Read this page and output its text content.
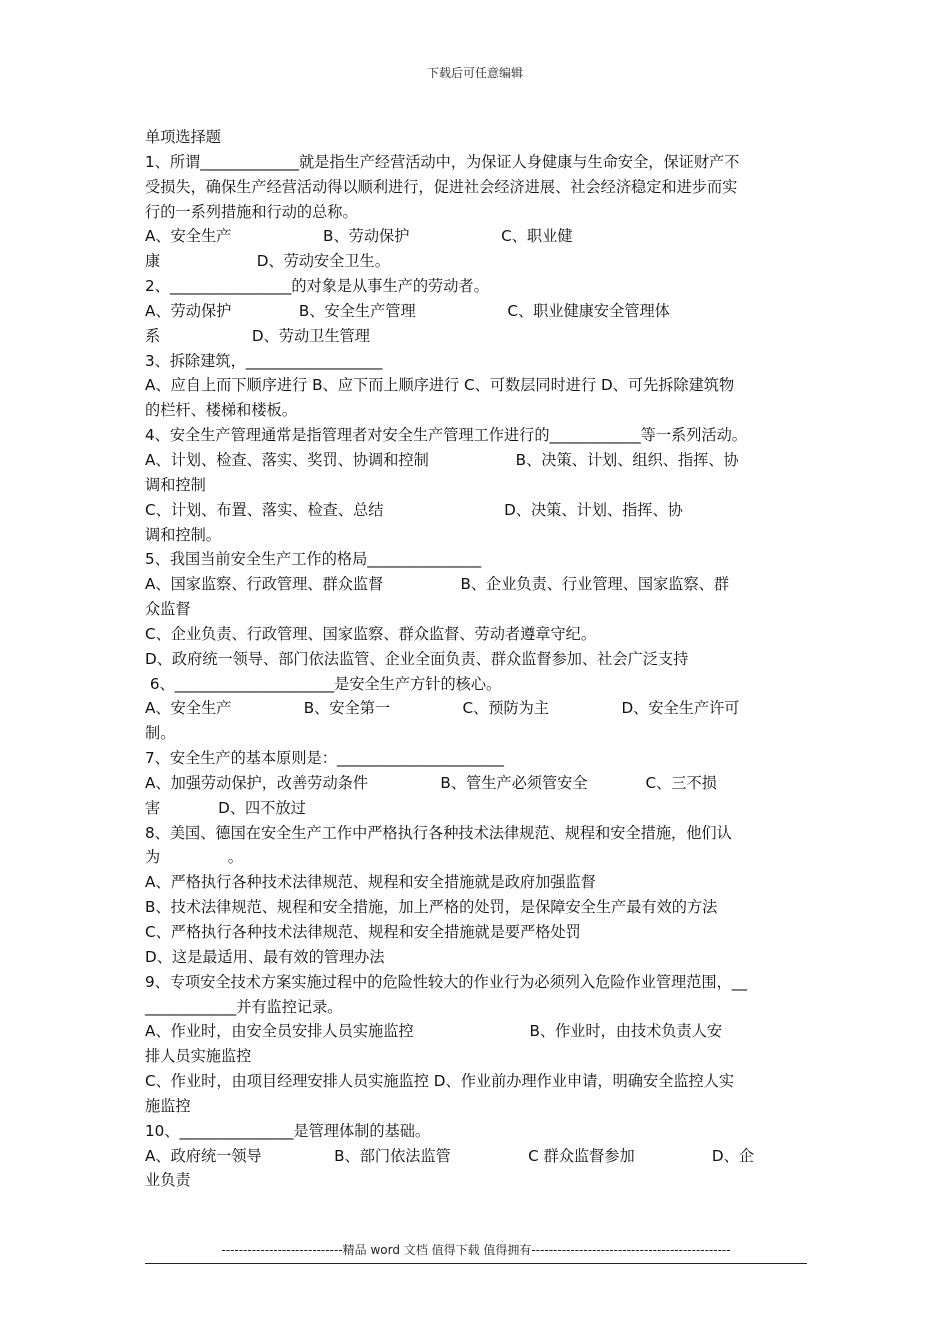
下载后可任意编辑
单项选择题
1、所谓_____________就是指生产经营活动中，为保证人身健康与生命安全，保证财产不
受损失，确保生产经营活动得以顺利进行，促进社会经济进展、社会经济稳定和进步而实
行的一系列措施和行动的总称。
A、安全生产                   B、劳动保护                   C、职业健
康                    D、劳动安全卫生。
2、________________的对象是从事生产的劳动者。
A、劳动保护              B、安全生产管理                   C、职业健康安全管理体
系                   D、劳动卫生管理
3、拆除建筑，__________________
A、应自上而下顺序进行 B、应下而上顺序进行 C、可数层同时进行 D、可先拆除建筑物
的栏杆、楼梯和楼板。
4、安全生产管理通常是指管理者对安全生产管理工作进行的____________等一系列活动。
A、计划、检查、落实、奖罚、协调和控制                  B、决策、计划、组织、指挥、协
调和控制
C、计划、布置、落实、检查、总结                         D、决策、计划、指挥、协
调和控制。
5、我国当前安全生产工作的格局_______________
A、国家监察、行政管理、群众监督                B、企业负责、行业管理、国家监察、群
众监督
C、企业负责、行政管理、国家监察、群众监督、劳动者遵章守纪。
D、政府统一领导、部门依法监管、企业全面负责、群众监督参加、社会广泛支持
6、_____________________是安全生产方针的核心。
A、安全生产               B、安全第一               C、预防为主               D、安全生产许可
制。
7、安全生产的基本原则是：______________________
A、加强劳动保护，改善劳动条件               B、管生产必须管安全            C、三不损
害            D、四不放过
8、美国、德国在安全生产工作中严格执行各种技术法律规范、规程和安全措施，他们认
为              。
A、严格执行各种技术法律规范、规程和安全措施就是政府加强监督
B、技术法律规范、规程和安全措施，加上严格的处罚，是保障安全生产最有效的方法
C、严格执行各种技术法律规范、规程和安全措施就是要严格处罚
D、这是最适用、最有效的管理办法
9、专项安全技术方案实施过程中的危险性较大的作业行为必须列入危险作业管理范围，__
____________并有监控记录。
A、作业时，由安全员安排人员实施监控                        B、作业时，由技术负责人安
排人员实施监控
C、作业时，由项目经理安排人员实施监控 D、作业前办理作业申请，明确安全监控人实
施监控
10、_______________是管理体制的基础。
A、政府统一领导               B、部门依法监管                C 群众监督参加                D、企
业负责
----------------------------精品 word 文档 值得下载 值得拥有----------------------------------------------
